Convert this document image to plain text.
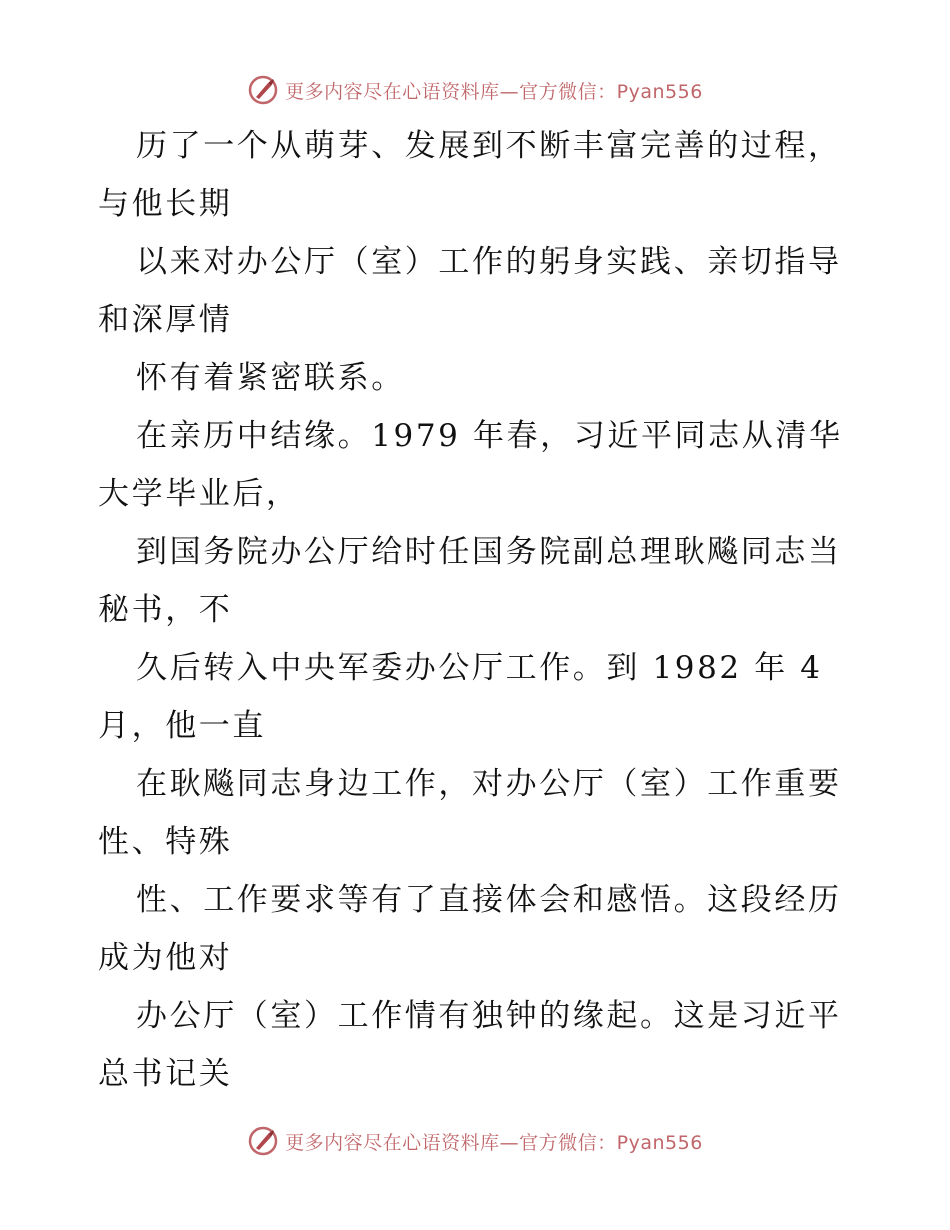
更多内容尽在心语资料库—官方微信：Pyan556
历了一个从萌芽、发展到不断丰富完善的过程，
与他长期
以来对办公厅（室）工作的躬身实践、亲切指导
和深厚情
怀有着紧密联系。
在亲历中结缘。1979 年春，习近平同志从清华
大学毕业后，
到国务院办公厅给时任国务院副总理耿飚同志当
秘书，不
久后转入中央军委办公厅工作。到 1982 年 4
月，他一直
在耿飚同志身边工作，对办公厅（室）工作重要
性、特殊
性、工作要求等有了直接体会和感悟。这段经历
成为他对
办公厅（室）工作情有独钟的缘起。这是习近平
总书记关
更多内容尽在心语资料库—官方微信：Pyan556
